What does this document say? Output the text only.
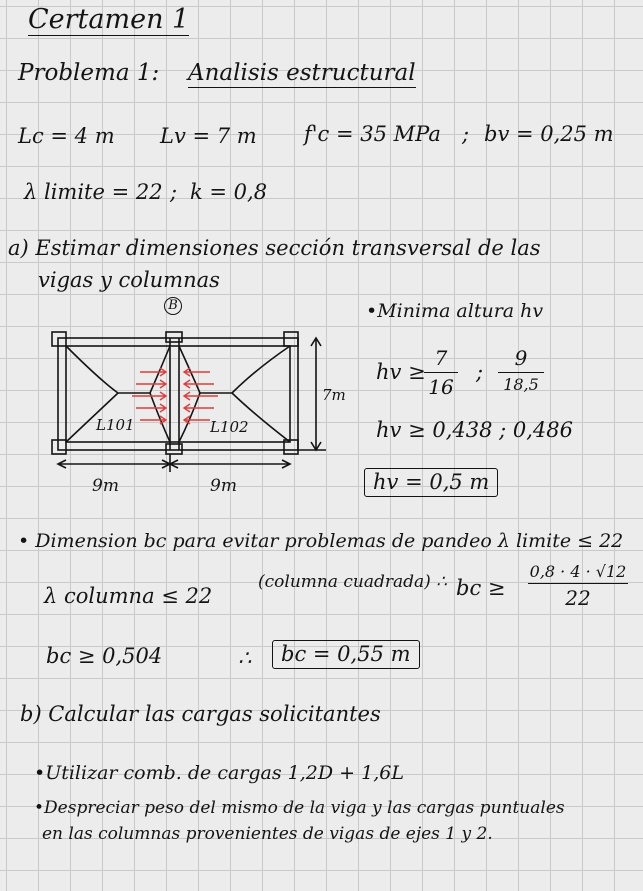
Certamen 1
Problema 1: Analisis estructural
Lc = 4 m Lv = 7 m f'c = 35 MPa ; bv = 0,25 m
λ limite = 22 ; k = 0,8
a) Estimar dimensiones sección transversal de las
vigas y columnas
B
L101	L102
7m
9m	9m
•Minima altura hv
hv ≥
7
16
;
9
18,5
hv ≥ 0,438 ; 0,486
hv = 0,5 m
• Dimension bc para evitar problemas de pandeo λ limite ≤ 22
λ columna ≤ 22
(columna cuadrada) ∴ bc ≥
0,8 · 4 · √12
22
bc ≥ 0,504	∴	bc = 0,55 m
b) Calcular las cargas solicitantes
•Utilizar comb. de cargas 1,2D + 1,6L
•Despreciar peso del mismo de la viga y las cargas puntuales
en las columnas provenientes de vigas de ejes 1 y 2.
